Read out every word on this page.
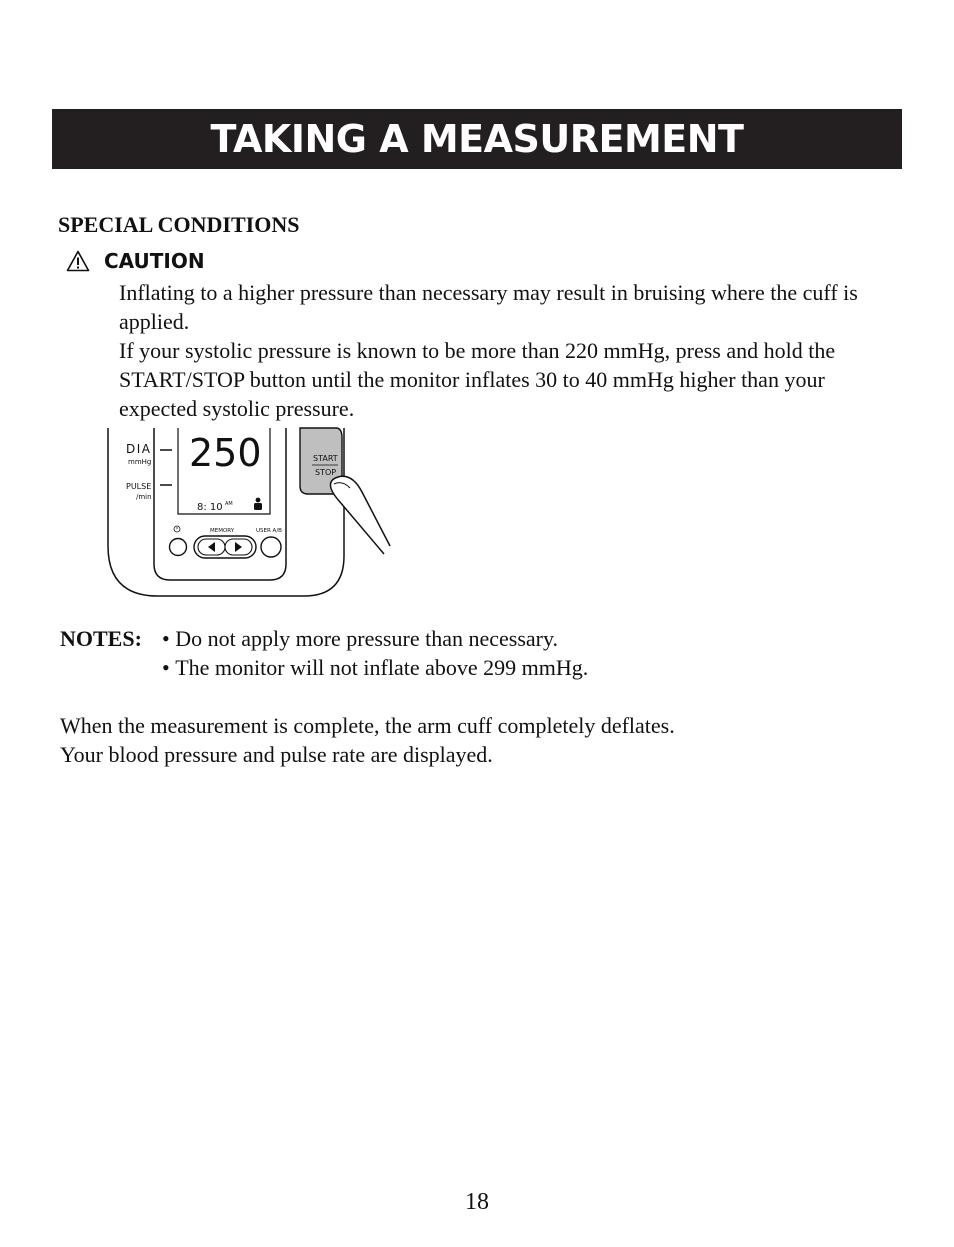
TAKING A MEASUREMENT
SPECIAL CONDITIONS
CAUTION

Inflating to a higher pressure than necessary may result in bruising where the cuff is applied.

If your systolic pressure is known to be more than 220 mmHg, press and hold the START/STOP button until the monitor inflates 30 to 40 mmHg higher than your expected systolic pressure.

DIA
mmHg
PULSE
/min
250
8: 10 AM
MEMORY	USER A/B
START
STOP
NOTES:
•	Do not apply more pressure than necessary.
• The monitor will not inflate above 299 mmHg.

When the measurement is complete, the arm cuff completely deflates.

Your blood pressure and pulse rate are displayed.

18
